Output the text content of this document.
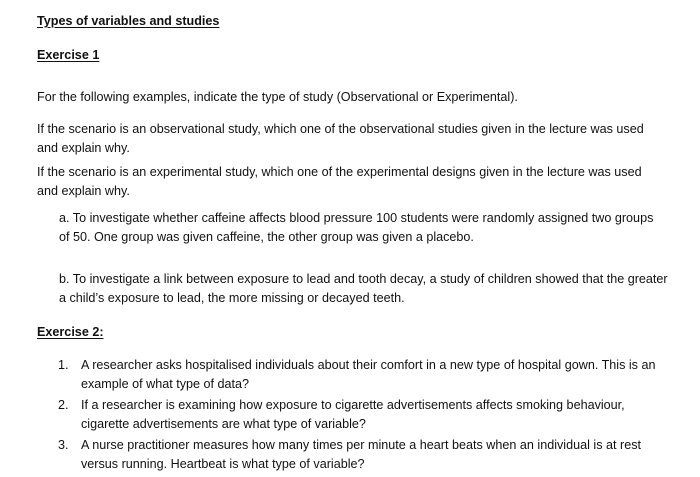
Types of variables and studies
Exercise 1

For the following examples, indicate the type of study (Observational or Experimental).

If the scenario is an observational study, which one of the observational studies given in the lecture was used and explain why.

If the scenario is an experimental study, which one of the experimental designs given in the lecture was used and explain why.

a. To investigate whether caffeine affects blood pressure 100 students were randomly assigned two groups of 50. One group was given caffeine, the other group was given a placebo.

b. To investigate a link between exposure to lead and tooth decay, a study of children showed that the greater a child’s exposure to lead, the more missing or decayed teeth.

Exercise 2:
1. A researcher asks hospitalised individuals about their comfort in a new type of hospital gown. This is an example of what type of data?
2. If a researcher is examining how exposure to cigarette advertisements affects smoking behaviour, cigarette advertisements are what type of variable?
3. A nurse practitioner measures how many times per minute a heart beats when an individual is at rest versus running. Heartbeat is what type of variable?
